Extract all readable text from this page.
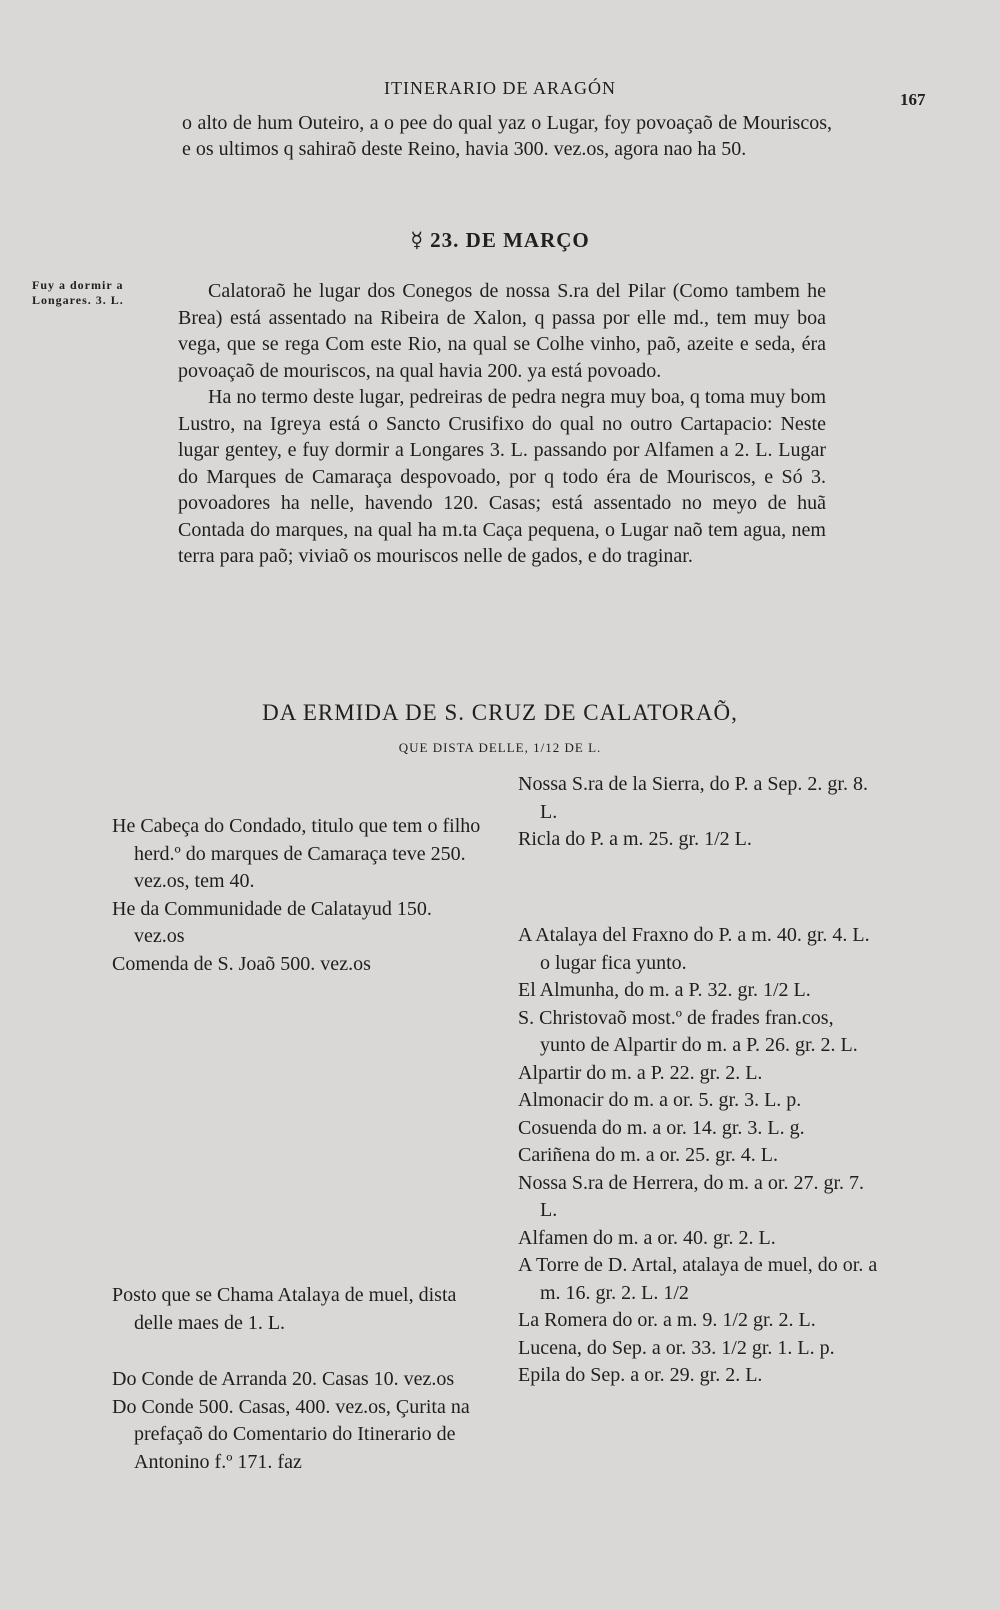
ITINERARIO DE ARAGÓN
167

o alto de hum Outeiro, a o pee do qual yaz o Lugar, foy povoaçaõ de Mouriscos, e os ultimos q sahiraõ deste Reino, havia 300. vez.os, agora nao ha 50.

☿ 23. DE MARÇO
Fuy a dormir a Longares. 3. L.	Calatoraõ he lugar dos Conegos de nossa S.ra del Pilar (Como tambem he Brea) está assentado na Ribeira de Xalon, q passa por elle md., tem muy boa vega, que se rega Com este Rio, na qual se Colhe vinho, paõ, azeite e seda, éra povoaçaõ de mouriscos, na qual havia 200. ya está povoado.

Ha no termo deste lugar, pedreiras de pedra negra muy boa, q toma muy bom Lustro, na Igreya está o Sancto Crusifixo do qual no outro Cartapacio: Neste lugar gentey, e fuy dormir a Longares 3. L. passando por Alfamen a 2. L. Lugar do Marques de Camaraça despovoado, por q todo éra de Mouriscos, e Só 3. povoadores ha nelle, havendo 120. Casas; está assentado no meyo de huã Contada do marques, na qual ha m.ta Caça pequena, o Lugar naõ tem agua, nem terra para paõ; viviaõ os mouriscos nelle de gados, e do traginar.

DA ERMIDA DE S. CRUZ DE CALATORAÕ,
QUE DISTA DELLE, 1/12 DE L.

He Cabeça do Condado, titulo que tem o filho herd.º do marques de Camaraça teve 250. vez.os, tem 40.

He da Communidade de Calatayud 150. vez.os

Comenda de S. Joaõ 500. vez.os

Posto que se Chama Atalaya de muel, dista delle maes de 1. L.

Do Conde de Arranda 20. Casas 10. vez.os

Do Conde 500. Casas, 400. vez.os, Çurita na prefaçaõ do Comentario do Itinerario de Antonino f.º 171. faz

Nossa S.ra de la Sierra, do P. a Sep. 2. gr. 8. L.

Ricla do P. a m. 25. gr. 1/2 L.

A Atalaya del Fraxno do P. a m. 40. gr. 4. L. o lugar fica yunto.

El Almunha, do m. a P. 32. gr. 1/2 L.

S. Christovaõ most.º de frades fran.cos, yunto de Alpartir do m. a P. 26. gr. 2. L.

Alpartir do m. a P. 22. gr. 2. L.

Almonacir do m. a or. 5. gr. 3. L. p.

Cosuenda do m. a or. 14. gr. 3. L. g.

Cariñena do m. a or. 25. gr. 4. L.

Nossa S.ra de Herrera, do m. a or. 27. gr. 7. L.

Alfamen do m. a or. 40. gr. 2. L.

A Torre de D. Artal, atalaya de muel, do or. a m. 16. gr. 2. L. 1/2

La Romera do or. a m. 9. 1/2 gr. 2. L.

Lucena, do Sep. a or. 33. 1/2 gr. 1. L. p.

Epila do Sep. a or. 29. gr. 2. L.
